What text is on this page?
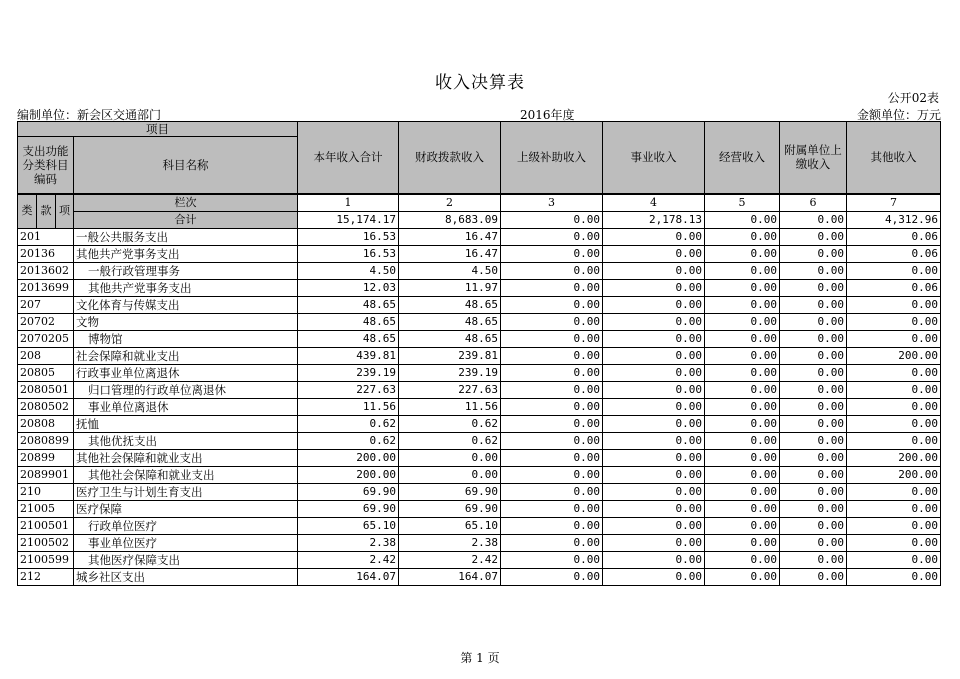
收入决算表
公开02表
编制单位：新会区交通部门	2016年度	金额单位：万元
项目				本年收入合计	财政拨款收入	上级补助收入	事业收入	经营收入	附属单位上缴收入	其他收入
支出功能分类科目编码			科目名称							

类	款	项	栏次	1	2	3	4	5	6	7
			合计	15,174.17	8,683.09	0.00	2,178.13	0.00	0.00	4,312.96
201			一般公共服务支出	16.53	16.47	0.00	0.00	0.00	0.00	0.06
20136			其他共产党事务支出	16.53	16.47	0.00	0.00	0.00	0.00	0.06
2013602			一般行政管理事务	4.50	4.50	0.00	0.00	0.00	0.00	0.00
2013699			其他共产党事务支出	12.03	11.97	0.00	0.00	0.00	0.00	0.06
207			文化体育与传媒支出	48.65	48.65	0.00	0.00	0.00	0.00	0.00
20702			文物	48.65	48.65	0.00	0.00	0.00	0.00	0.00
2070205			博物馆	48.65	48.65	0.00	0.00	0.00	0.00	0.00
208			社会保障和就业支出	439.81	239.81	0.00	0.00	0.00	0.00	200.00
20805			行政事业单位离退休	239.19	239.19	0.00	0.00	0.00	0.00	0.00
2080501			归口管理的行政单位离退休	227.63	227.63	0.00	0.00	0.00	0.00	0.00
2080502			事业单位离退休	11.56	11.56	0.00	0.00	0.00	0.00	0.00
20808			抚恤	0.62	0.62	0.00	0.00	0.00	0.00	0.00
2080899			其他优抚支出	0.62	0.62	0.00	0.00	0.00	0.00	0.00
20899			其他社会保障和就业支出	200.00	0.00	0.00	0.00	0.00	0.00	200.00
2089901			其他社会保障和就业支出	200.00	0.00	0.00	0.00	0.00	0.00	200.00
210			医疗卫生与计划生育支出	69.90	69.90	0.00	0.00	0.00	0.00	0.00
21005			医疗保障	69.90	69.90	0.00	0.00	0.00	0.00	0.00
2100501			行政单位医疗	65.10	65.10	0.00	0.00	0.00	0.00	0.00
2100502			事业单位医疗	2.38	2.38	0.00	0.00	0.00	0.00	0.00
2100599			其他医疗保障支出	2.42	2.42	0.00	0.00	0.00	0.00	0.00
212			城乡社区支出	164.07	164.07	0.00	0.00	0.00	0.00	0.00
第 1 页
